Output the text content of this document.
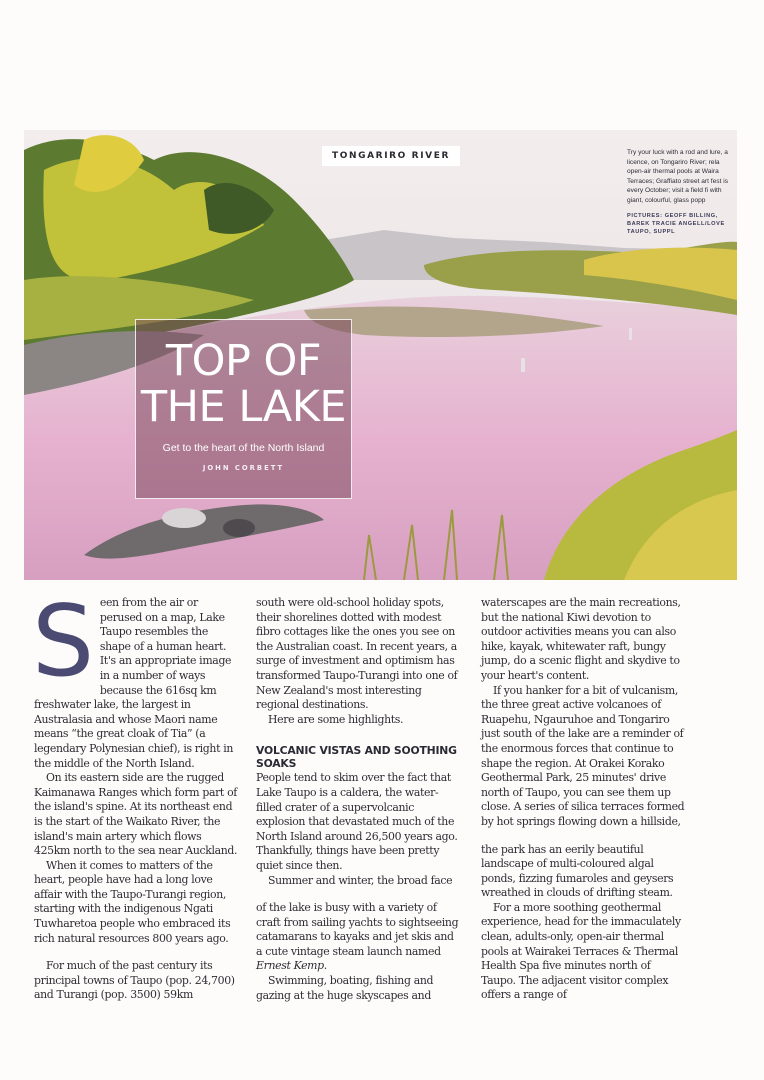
TONGARIRO RIVER	Try your luck with a rod and lure, a licence, on Tongariro River; rela open-air thermal pools at Waira Terraces; Graffiato street art fest is every October; visit a field fi with giant, colourful, glass popp
PICTURES: GEOFF BILLING, BAREK TRACIE ANGELL/LOVE TAUPO, SUPPL
TOP OF
THE LAKE
Get to the heart of the North Island
JOHN CORBETT
S een from the air or perused on a map, Lake Taupo resembles the shape of a human heart. It's an appropriate image in a number of ways because the 616sq km freshwater lake, the largest in Australasia and whose Maori name means “the great cloak of Tia” (a legendary Polynesian chief), is right in the middle of the North Island.

On its eastern side are the rugged Kaimanawa Ranges which form part of the island's spine. At its northeast end is the start of the Waikato River, the island's main artery which flows 425km north to the sea near Auckland.

When it comes to matters of the heart, people have had a long love affair with the Taupo-Turangi region, starting with the indigenous Ngati Tuwharetoa people who embraced its rich natural resources 800 years ago.

For much of the past century its principal towns of Taupo (pop. 24,700) and Turangi (pop. 3500) 59km

south were old-school holiday spots, their shorelines dotted with modest fibro cottages like the ones you see on the Australian coast. In recent years, a surge of investment and optimism has transformed Taupo-Turangi into one of New Zealand's most interesting regional destinations.

Here are some highlights.

VOLCANIC VISTAS AND SOOTHING SOAKS

People tend to skim over the fact that Lake Taupo is a caldera, the water-filled crater of a supervolcanic explosion that devastated much of the North Island around 26,500 years ago. Thankfully, things have been pretty quiet since then.

Summer and winter, the broad face

of the lake is busy with a variety of craft from sailing yachts to sightseeing catamarans to kayaks and jet skis and a cute vintage steam launch named Ernest Kemp.

Swimming, boating, fishing and gazing at the huge skyscapes and

waterscapes are the main recreations, but the national Kiwi devotion to outdoor activities means you can also hike, kayak, whitewater raft, bungy jump, do a scenic flight and skydive to your heart's content.

If you hanker for a bit of vulcanism, the three great active volcanoes of Ruapehu, Ngauruhoe and Tongariro just south of the lake are a reminder of the enormous forces that continue to shape the region. At Orakei Korako Geothermal Park, 25 minutes' drive north of Taupo, you can see them up close. A series of silica terraces formed by hot springs flowing down a hillside,

the park has an eerily beautiful landscape of multi-coloured algal ponds, fizzing fumaroles and geysers wreathed in clouds of drifting steam.

For a more soothing geothermal experience, head for the immaculately clean, adults-only, open-air thermal pools at Wairakei Terraces & Thermal Health Spa five minutes north of Taupo. The adjacent visitor complex offers a range of
